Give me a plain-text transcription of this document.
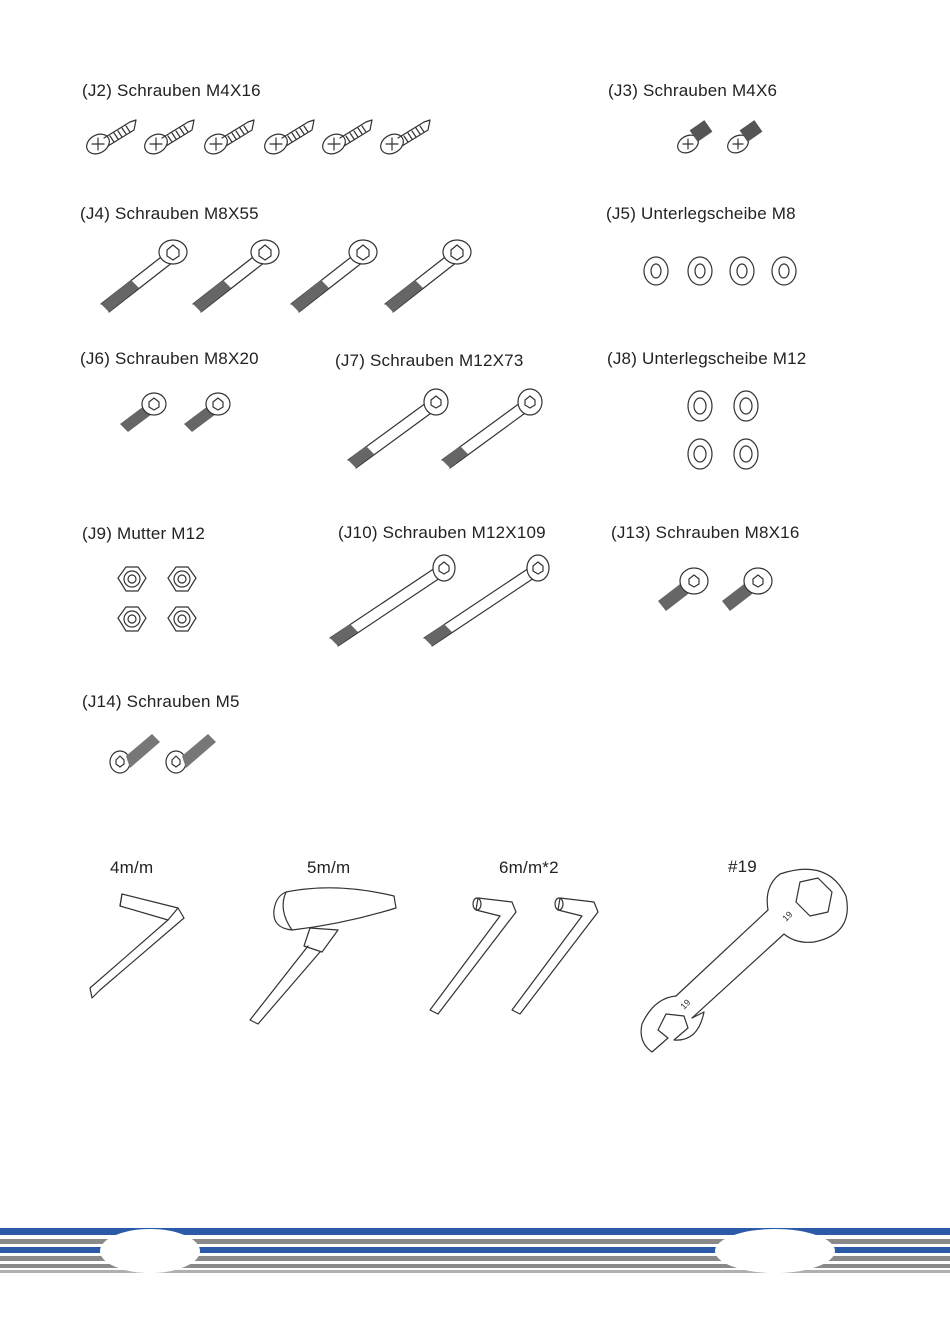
(J2) Schrauben M4X16	(J3) Schrauben M4X6
(J4) Schrauben M8X55	(J5) Unterlegscheibe M8
(J6) Schrauben M8X20	(J7) Schrauben M12X73	(J8) Unterlegscheibe M12
(J9) Mutter M12	(J10) Schrauben M12X109	(J13) Schrauben M8X16
(J14) Schrauben M5
4m/m	5m/m	6m/m*2	#19
19
19
